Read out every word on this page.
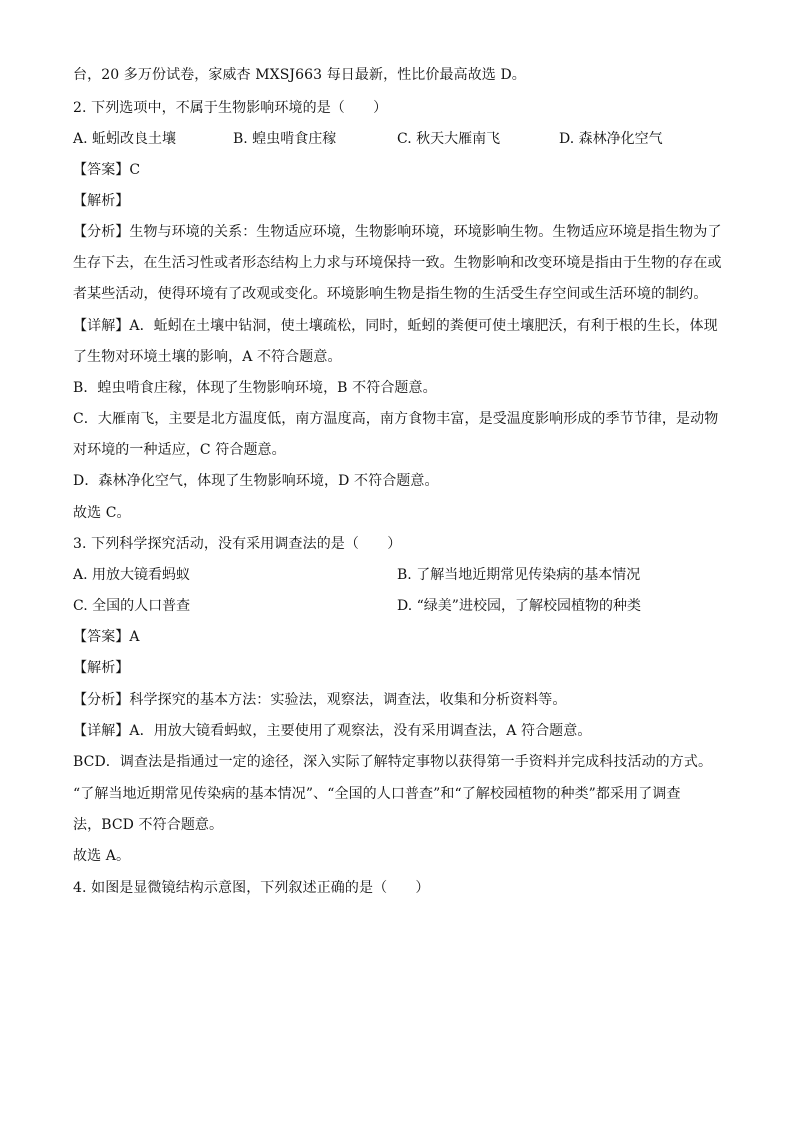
台，20 多万份试卷，家威杏 MXSJ663 每日最新，性比价最高故选 D。
2. 下列选项中，不属于生物影响环境的是（　　）
A. 蚯蚓改良土壤	B. 蝗虫啃食庄稼	C. 秋天大雁南飞	D. 森林净化空气
【答案】C
【解析】
【分析】生物与环境的关系：生物适应环境，生物影响环境，环境影响生物。生物适应环境是指生物为了
生存下去，在生活习性或者形态结构上力求与环境保持一致。生物影响和改变环境是指由于生物的存在或
者某些活动，使得环境有了改观或变化。环境影响生物是指生物的生活受生存空间或生活环境的制约。
【详解】A．蚯蚓在土壤中钻洞，使土壤疏松，同时，蚯蚓的粪便可使土壤肥沃，有利于根的生长，体现
了生物对环境土壤的影响，A 不符合题意。
B．蝗虫啃食庄稼，体现了生物影响环境，B 不符合题意。
C．大雁南飞，主要是北方温度低，南方温度高，南方食物丰富，是受温度影响形成的季节节律，是动物
对环境的一种适应，C 符合题意。
D．森林净化空气，体现了生物影响环境，D 不符合题意。
故选 C。
3. 下列科学探究活动，没有采用调查法的是（　　）
A. 用放大镜看蚂蚁	B. 了解当地近期常见传染病的基本情况
C. 全国的人口普查	D. “绿美”进校园，了解校园植物的种类
【答案】A
【解析】
【分析】科学探究的基本方法：实验法，观察法，调查法，收集和分析资料等。
【详解】A．用放大镜看蚂蚁，主要使用了观察法，没有采用调查法，A 符合题意。
BCD．调查法是指通过一定的途径，深入实际了解特定事物以获得第一手资料并完成科技活动的方式。
“了解当地近期常见传染病的基本情况”、“全国的人口普查”和“了解校园植物的种类”都采用了调查
法，BCD 不符合题意。
故选 A。
4. 如图是显微镜结构示意图，下列叙述正确的是（　　）
